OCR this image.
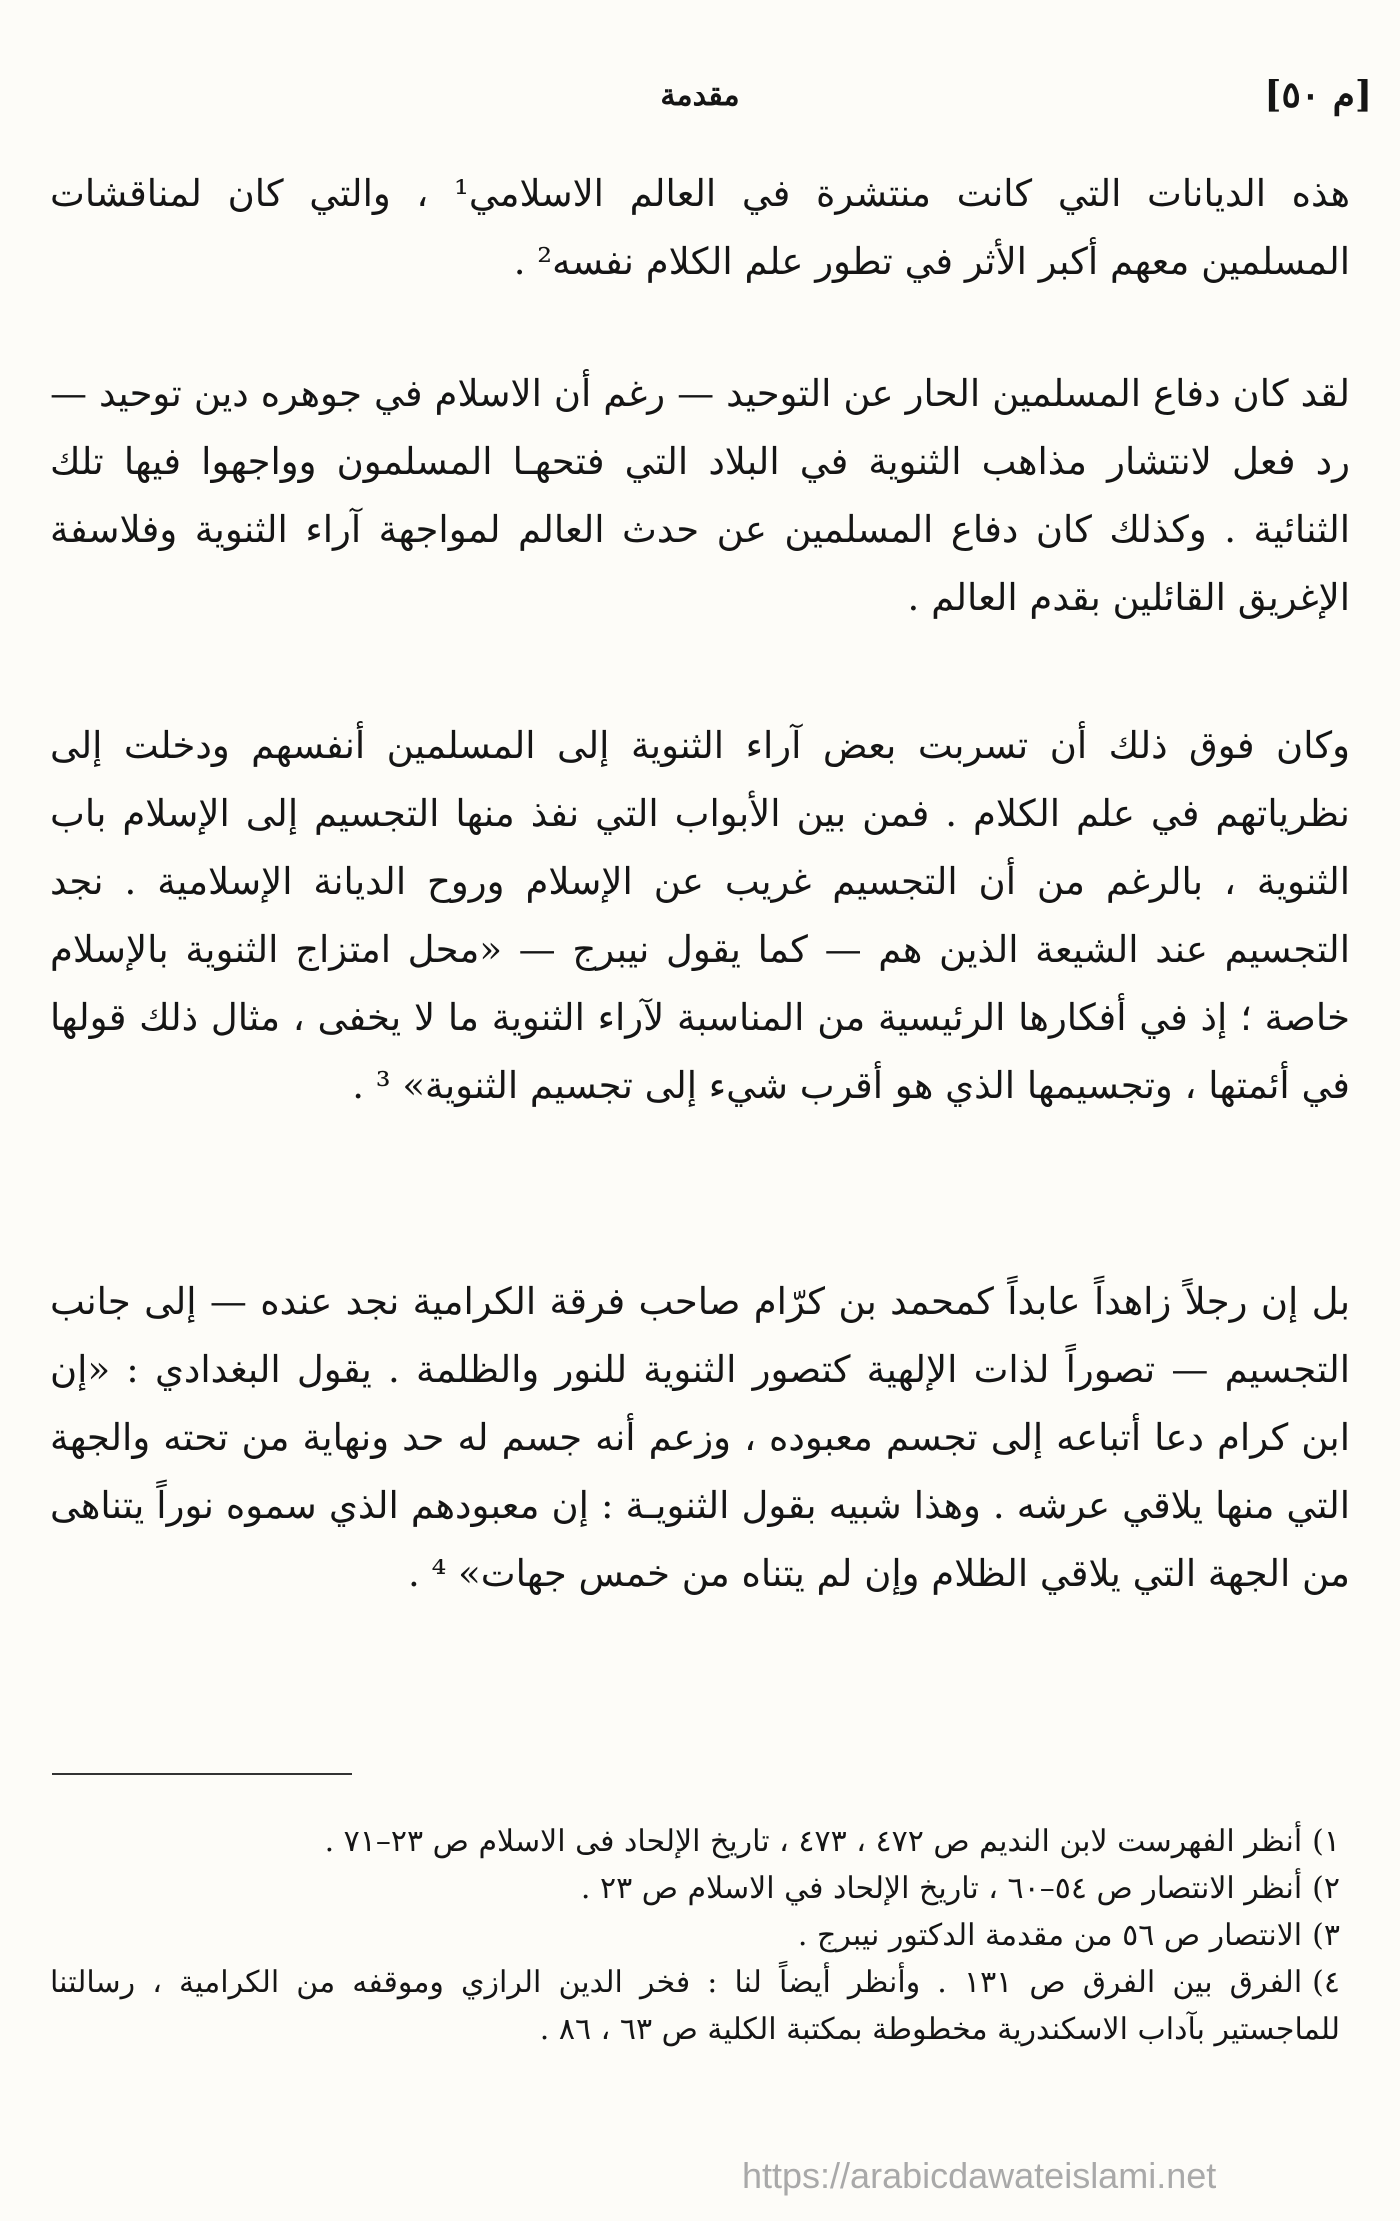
[م ٥٠]
مقدمة

هذه الديانات التي كانت منتشرة في العالم الاسلامي¹ ، والتي كان لمناقشات المسلمين معهم أكبر الأثر في تطور علم الكلام نفسه² .

لقد كان دفاع المسلمين الحار عن التوحيد — رغم أن الاسلام في جوهره دين توحيد — رد فعل لانتشار مذاهب الثنوية في البلاد التي فتحهـا المسلمون وواجهوا فيها تلك الثنائية . وكذلك كان دفاع المسلمين عن حدث العالم لمواجهة آراء الثنوية وفلاسفة الإغريق القائلين بقدم العالم .

وكان فوق ذلك أن تسربت بعض آراء الثنوية إلى المسلمين أنفسهم ودخلت إلى نظرياتهم في علم الكلام . فمن بين الأبواب التي نفذ منها التجسيم إلى الإسلام باب الثنوية ، بالرغم من أن التجسيم غريب عن الإسلام وروح الديانة الإسلامية . نجد التجسيم عند الشيعة الذين هم — كما يقول نيبرج — «محل امتزاج الثنوية بالإسلام خاصة ؛ إذ في أفكارها الرئيسية من المناسبة لآراء الثنوية ما لا يخفى ، مثال ذلك قولها في أئمتها ، وتجسيمها الذي هو أقرب شيء إلى تجسيم الثنوية» ³ .

بل إن رجلاً زاهداً عابداً كمحمد بن كرّام صاحب فرقة الكرامية نجد عنده — إلى جانب التجسيم — تصوراً لذات الإلهية كتصور الثنوية للنور والظلمة . يقول البغدادي : «إن ابن كرام دعا أتباعه إلى تجسم معبوده ، وزعم أنه جسم له حد ونهاية من تحته والجهة التي منها يلاقي عرشه . وهذا شبيه بقول الثنويـة : إن معبودهم الذي سموه نوراً يتناهى من الجهة التي يلاقي الظلام وإن لم يتناه من خمس جهات» ⁴ .

١)أنظر الفهرست لابن النديم ص ٤٧٢ ، ٤٧٣ ، تاريخ الإلحاد فى الاسلام ص ٢٣–٧١ .
٢)أنظر الانتصار ص ٥٤–٦٠ ، تاريخ الإلحاد في الاسلام ص ٢٣ .
٣)الانتصار ص ٥٦ من مقدمة الدكتور نيبرج .
٤)الفرق بين الفرق ص ١٣١ . وأنظر أيضاً لنا : فخر الدين الرازي وموقفه من الكرامية ، رسالتنا للماجستير بآداب الاسكندرية مخطوطة بمكتبة الكلية ص ٦٣ ، ٨٦ .
https://arabicdawateislami.net
